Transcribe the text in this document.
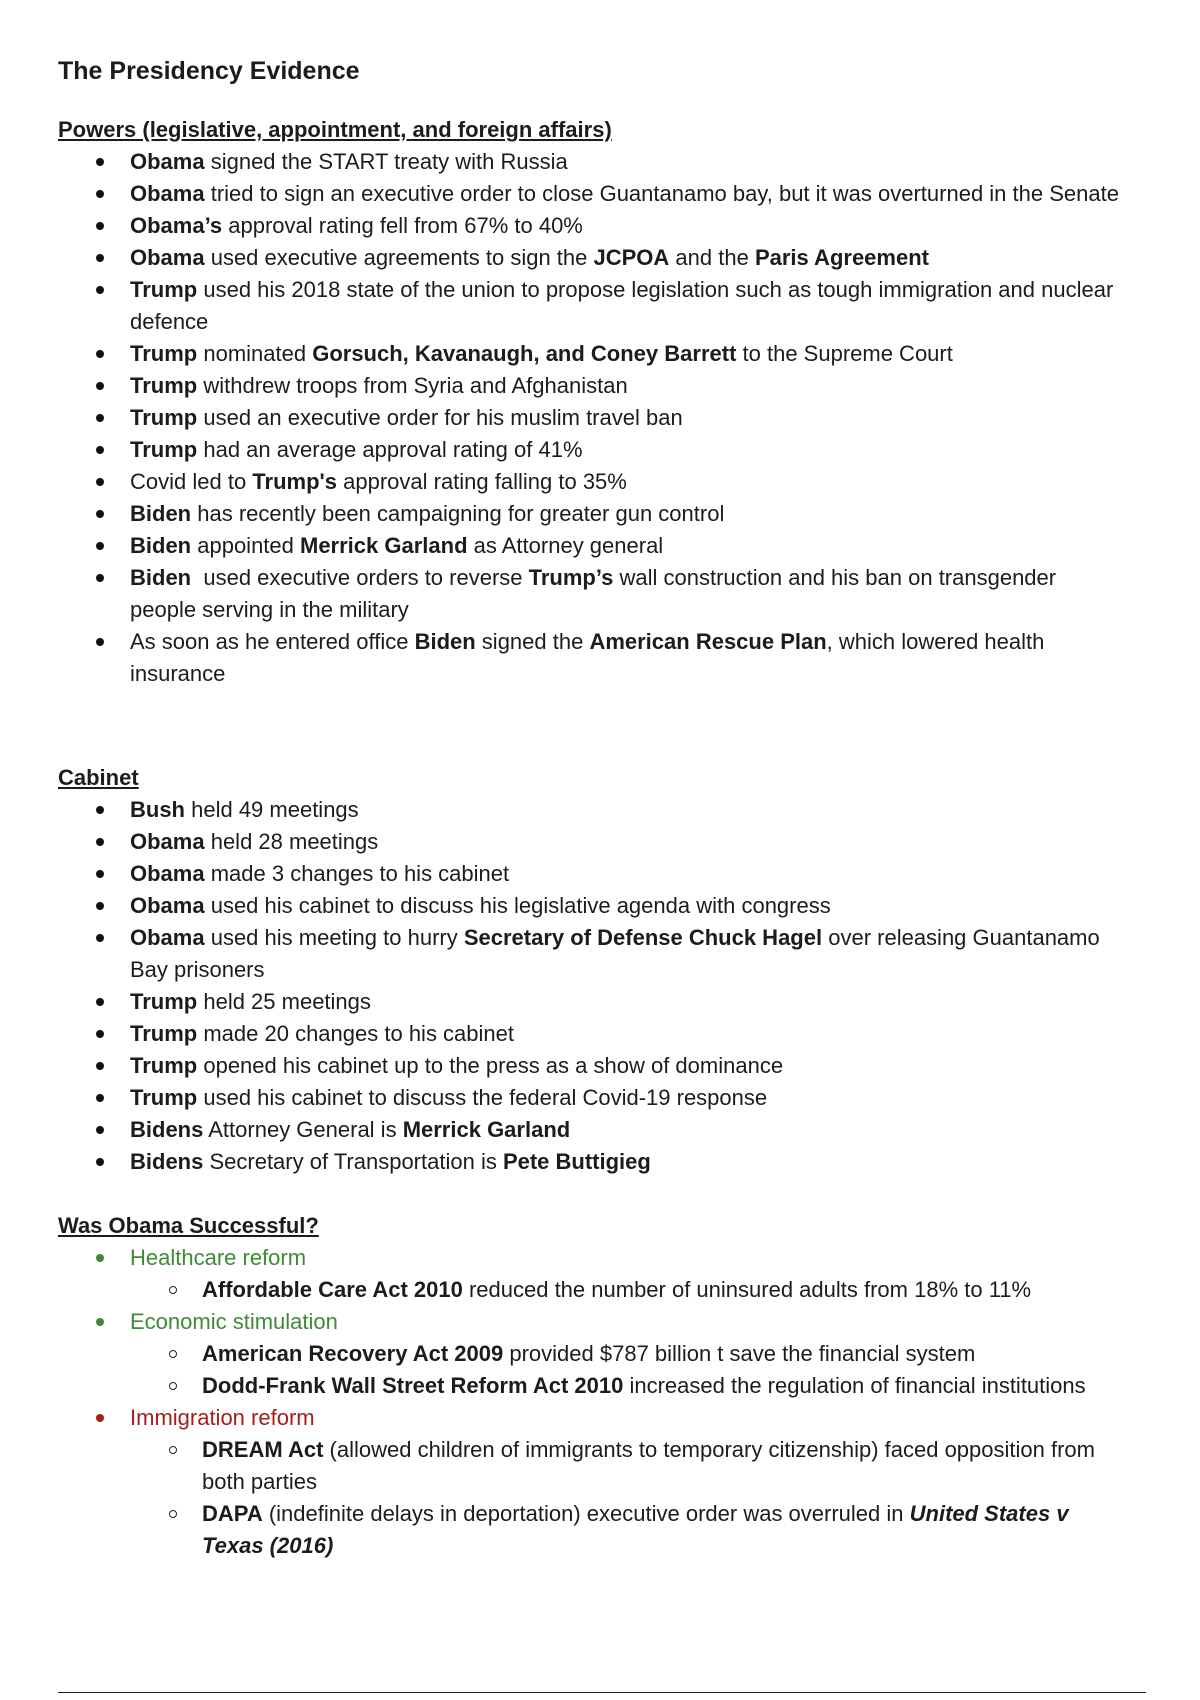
The Presidency Evidence
Powers (legislative, appointment, and foreign affairs)
Obama signed the START treaty with Russia
Obama tried to sign an executive order to close Guantanamo bay, but it was overturned in the Senate
Obama’s approval rating fell from 67% to 40%
Obama used executive agreements to sign the JCPOA and the Paris Agreement
Trump used his 2018 state of the union to propose legislation such as tough immigration and nuclear defence
Trump nominated Gorsuch, Kavanaugh, and Coney Barrett to the Supreme Court
Trump withdrew troops from Syria and Afghanistan
Trump used an executive order for his muslim travel ban
Trump had an average approval rating of 41%
Covid led to Trump's approval rating falling to 35%
Biden has recently been campaigning for greater gun control
Biden appointed Merrick Garland as Attorney general
Biden  used executive orders to reverse Trump’s wall construction and his ban on transgender people serving in the military
As soon as he entered office Biden signed the American Rescue Plan, which lowered health insurance
Cabinet
Bush held 49 meetings
Obama held 28 meetings
Obama made 3 changes to his cabinet
Obama used his cabinet to discuss his legislative agenda with congress
Obama used his meeting to hurry Secretary of Defense Chuck Hagel over releasing Guantanamo Bay prisoners
Trump held 25 meetings
Trump made 20 changes to his cabinet
Trump opened his cabinet up to the press as a show of dominance
Trump used his cabinet to discuss the federal Covid-19 response
Bidens Attorney General is Merrick Garland
Bidens Secretary of Transportation is Pete Buttigieg
Was Obama Successful?
Healthcare reform
Affordable Care Act 2010 reduced the number of uninsured adults from 18% to 11%
Economic stimulation
American Recovery Act 2009 provided $787 billion t save the financial system
Dodd-Frank Wall Street Reform Act 2010 increased the regulation of financial institutions
Immigration reform
DREAM Act (allowed children of immigrants to temporary citizenship) faced opposition from both parties
DAPA (indefinite delays in deportation) executive order was overruled in United States v Texas (2016)
